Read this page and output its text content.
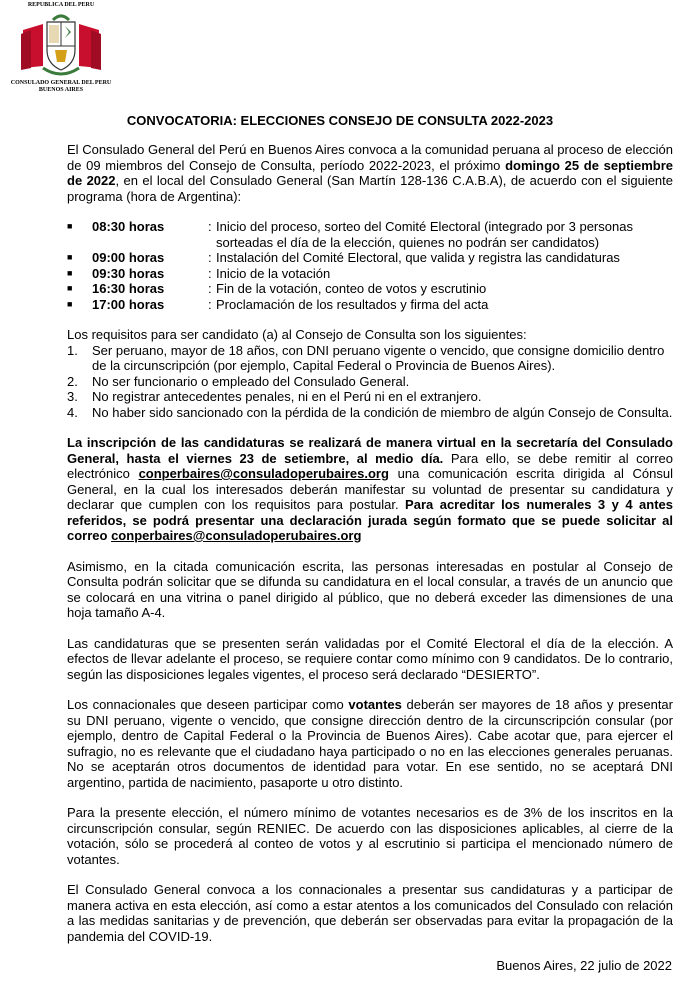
REPUBLICA DEL PERU
CONSULADO GENERAL DEL PERU
BUENOS AIRES
CONVOCATORIA: ELECCIONES CONSEJO DE CONSULTA 2022-2023

El Consulado General del Perú en Buenos Aires convoca a la comunidad peruana al proceso de elección de 09 miembros del Consejo de Consulta, período 2022-2023, el próximo domingo 25 de septiembre de 2022, en el local del Consulado General (San Martín 128-136 C.A.B.A), de acuerdo con el siguiente programa (hora de Argentina):

■	08:30 horas	: Inicio del proceso, sorteo del Comité Electoral (integrado por 3 personas sorteadas el día de la elección, quienes no podrán ser candidatos)
■	09:00 horas	: Instalación del Comité Electoral, que valida y registra las candidaturas
■	09:30 horas	: Inicio de la votación
■	16:30 horas	: Fin de la votación, conteo de votos y escrutinio
■	17:00 horas	: Proclamación de los resultados y firma del acta

Los requisitos para ser candidato (a) al Consejo de Consulta son los siguientes:

1.	Ser peruano, mayor de 18 años, con DNI peruano vigente o vencido, que consigne domicilio dentro de la circunscripción (por ejemplo, Capital Federal o Provincia de Buenos Aires).
2.	No ser funcionario o empleado del Consulado General.
3.	No registrar antecedentes penales, ni en el Perú ni en el extranjero.
4.	No haber sido sancionado con la pérdida de la condición de miembro de algún Consejo de Consulta.

La inscripción de las candidaturas se realizará de manera virtual en la secretaría del Consulado General, hasta el viernes 23 de setiembre, al medio día. Para ello, se debe remitir al correo electrónico conperbaires@consuladoperubaires.org una comunicación escrita dirigida al Cónsul General, en la cual los interesados deberán manifestar su voluntad de presentar su candidatura y declarar que cumplen con los requisitos para postular. Para acreditar los numerales 3 y 4 antes referidos, se podrá presentar una declaración jurada según formato que se puede solicitar al correo conperbaires@consuladoperubaires.org

Asimismo, en la citada comunicación escrita, las personas interesadas en postular al Consejo de Consulta podrán solicitar que se difunda su candidatura en el local consular, a través de un anuncio que se colocará en una vitrina o panel dirigido al público, que no deberá exceder las dimensiones de una hoja tamaño A-4.

Las candidaturas que se presenten serán validadas por el Comité Electoral el día de la elección. A efectos de llevar adelante el proceso, se requiere contar como mínimo con 9 candidatos. De lo contrario, según las disposiciones legales vigentes, el proceso será declarado “DESIERTO”.

Los connacionales que deseen participar como votantes deberán ser mayores de 18 años y presentar su DNI peruano, vigente o vencido, que consigne dirección dentro de la circunscripción consular (por ejemplo, dentro de Capital Federal o la Provincia de Buenos Aires). Cabe acotar que, para ejercer el sufragio, no es relevante que el ciudadano haya participado o no en las elecciones generales peruanas. No se aceptarán otros documentos de identidad para votar. En ese sentido, no se aceptará DNI argentino, partida de nacimiento, pasaporte u otro distinto.

Para la presente elección, el número mínimo de votantes necesarios es de 3% de los inscritos en la circunscripción consular, según RENIEC. De acuerdo con las disposiciones aplicables, al cierre de la votación, sólo se procederá al conteo de votos y al escrutinio si participa el mencionado número de votantes.

El Consulado General convoca a los connacionales a presentar sus candidaturas y a participar de manera activa en esta elección, así como a estar atentos a los comunicados del Consulado con relación a las medidas sanitarias y de prevención, que deberán ser observadas para evitar la propagación de la pandemia del COVID-19.

Buenos Aires, 22 julio de 2022
